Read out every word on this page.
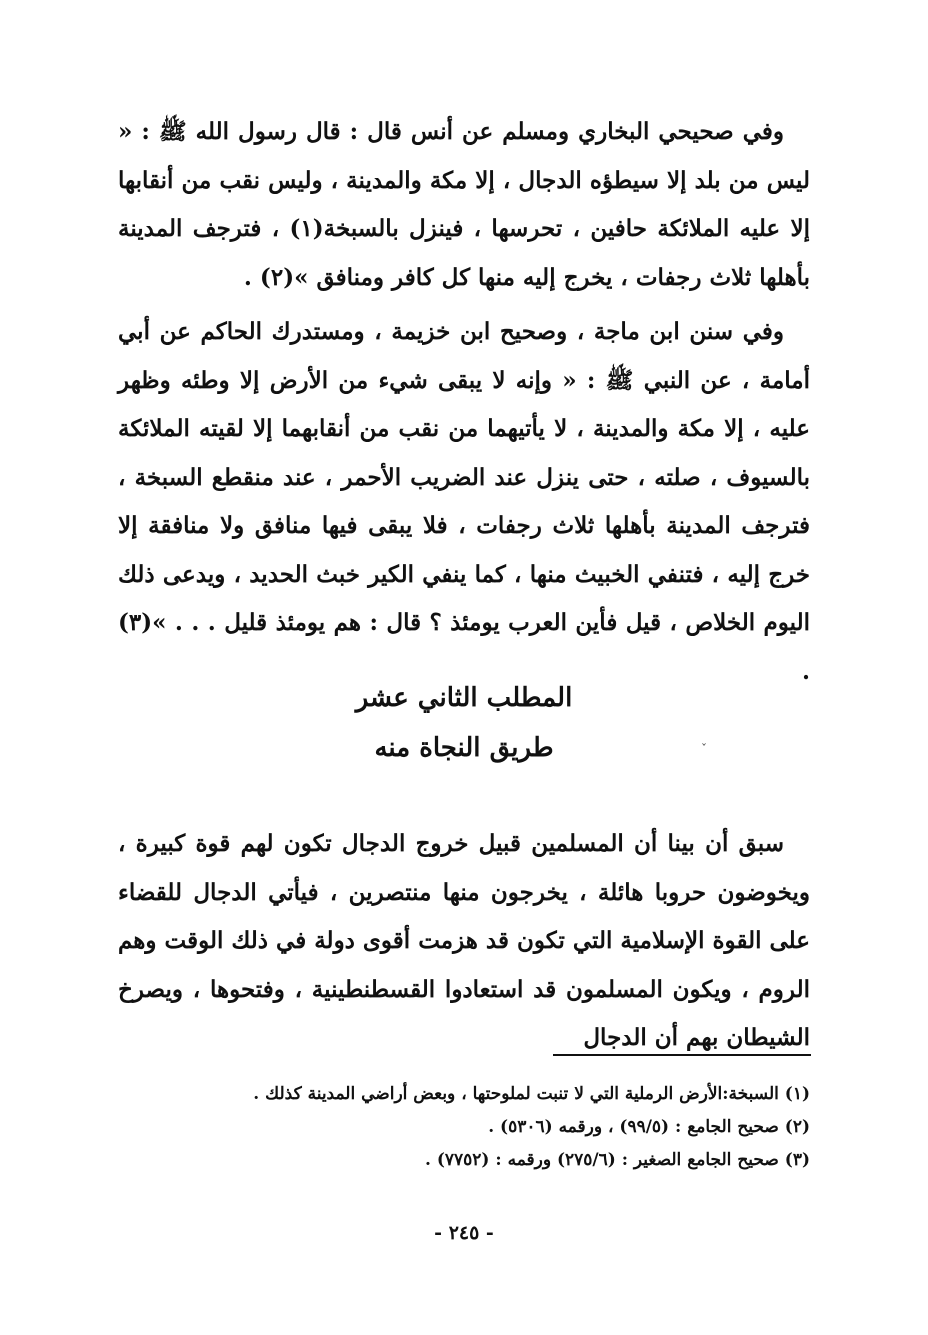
وفي صحيحي البخاري ومسلم عن أنس قال : قال رسول الله ﷺ : « ليس من بلد إلا سيطؤه الدجال ، إلا مكة والمدينة ، وليس نقب من أنقابها إلا عليه الملائكة حافين ، تحرسها ، فينزل بالسبخة(١) ، فترجف المدينة بأهلها ثلاث رجفات ، يخرج إليه منها كل كافر ومنافق »(٢) .

وفي سنن ابن ماجة ، وصحيح ابن خزيمة ، ومستدرك الحاكم عن أبي أمامة ، عن النبي ﷺ : « وإنه لا يبقى شيء من الأرض إلا وطئه وظهر عليه ، إلا مكة والمدينة ، لا يأتيهما من نقب من أنقابهما إلا لقيته الملائكة بالسيوف ، صلته ، حتى ينزل عند الضريب الأحمر ، عند منقطع السبخة ، فترجف المدينة بأهلها ثلاث رجفات ، فلا يبقى فيها منافق ولا منافقة إلا خرج إليه ، فتنفي الخبيث منها ، كما ينفي الكير خبث الحديد ، ويدعى ذلك اليوم الخلاص ، قيل فأين العرب يومئذ ؟ قال : هم يومئذ قليل . . . »(٣) .

المطلب الثاني عشر
طريق النجاة منه	ˇ

سبق أن بينا أن المسلمين قبيل خروج الدجال تكون لهم قوة كبيرة ، ويخوضون حروبا هائلة ، يخرجون منها منتصرين ، فيأتي الدجال للقضاء على القوة الإسلامية التي تكون قد هزمت أقوى دولة في ذلك الوقت وهم الروم ، ويكون المسلمون قد استعادوا القسطنطينية ، وفتحوها ، ويصرخ الشيطان بهم أن الدجال

(١) السبخة:الأرض الرملية التي لا تنبت لملوحتها ، وبعض أراضي المدينة كذلك .
(٢) صحيح الجامع : (٩٩/٥) ، ورقمه (٥٣٠٦) .
(٣) صحيح الجامع الصغير : (٢٧٥/٦) ورقمه : (٧٧٥٢) .
- ٢٤٥ -
